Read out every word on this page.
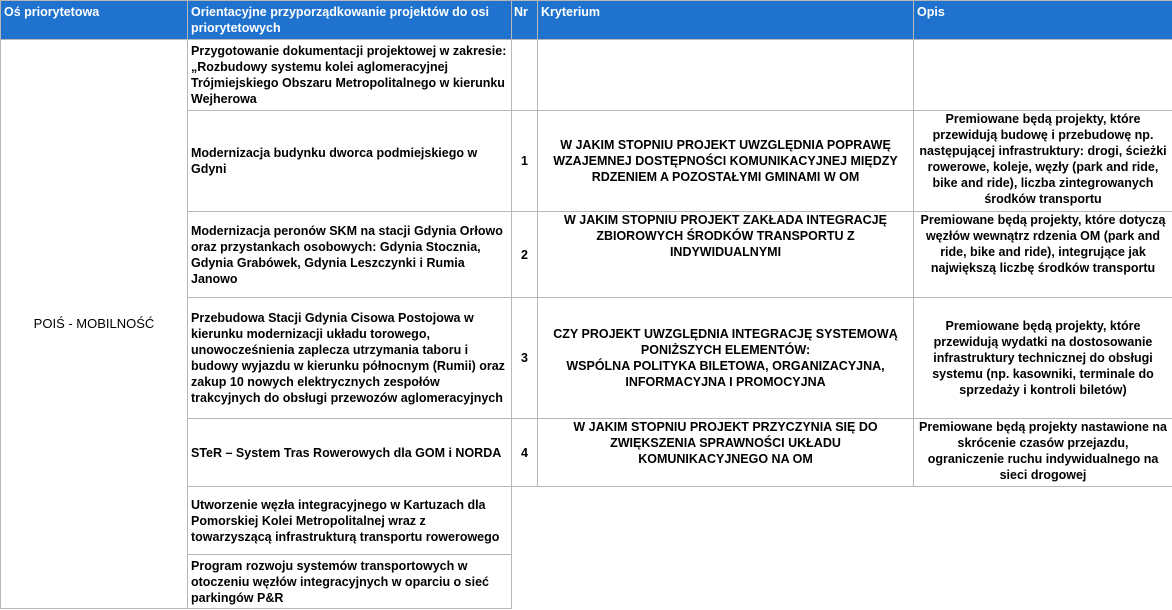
Oś priorytetowa	Orientacyjne przyporządkowanie projektów do osi priorytetowych	Nr	Kryterium	Opis
POIŚ - MOBILNOŚĆ	Przygotowanie dokumentacji projektowej w zakresie: „Rozbudowy systemu kolei aglomeracyjnej Trójmiejskiego Obszaru Metropolitalnego w kierunku Wejherowa			
	Modernizacja budynku dworca podmiejskiego w Gdyni	1	W JAKIM STOPNIU PROJEKT UWZGLĘDNIA POPRAWĘ WZAJEMNEJ DOSTĘPNOŚCI KOMUNIKACYJNEJ MIĘDZY RDZENIEM A POZOSTAŁYMI GMINAMI W OM	Premiowane będą projekty, które przewidują budowę i przebudowę np. następującej infrastruktury: drogi, ścieżki rowerowe, koleje, węzły (park and ride, bike and ride), liczba zintegrowanych środków transportu
	Modernizacja peronów SKM na stacji Gdynia Orłowo oraz przystankach osobowych: Gdynia Stocznia, Gdynia Grabówek, Gdynia Leszczynki i Rumia Janowo	2	W JAKIM STOPNIU PROJEKT ZAKŁADA INTEGRACJĘ ZBIOROWYCH ŚRODKÓW TRANSPORTU Z INDYWIDUALNYMI	Premiowane będą projekty, które dotyczą węzłów wewnątrz rdzenia OM (park and ride, bike and ride), integrujące jak największą liczbę środków transportu
	Przebudowa Stacji Gdynia Cisowa Postojowa w kierunku modernizacji układu torowego, unowocześnienia zaplecza utrzymania taboru i budowy wyjazdu w kierunku północnym (Rumii) oraz zakup 10 nowych elektrycznych zespołów trakcyjnych do obsługi przewozów aglomeracyjnych	3	CZY PROJEKT UWZGLĘDNIA INTEGRACJĘ SYSTEMOWĄ PONIŻSZYCH ELEMENTÓW:
WSPÓLNA POLITYKA BILETOWA, ORGANIZACYJNA, INFORMACYJNA I PROMOCYJNA	Premiowane będą projekty, które przewidują wydatki na dostosowanie infrastruktury technicznej do obsługi systemu (np. kasowniki, terminale do sprzedaży i kontroli biletów)
	STeR – System Tras Rowerowych dla GOM i NORDA	4	W JAKIM STOPNIU PROJEKT PRZYCZYNIA SIĘ DO ZWIĘKSZENIA SPRAWNOŚCI UKŁADU KOMUNIKACYJNEGO NA OM	Premiowane będą projekty nastawione na skrócenie czasów przejazdu, ograniczenie ruchu indywidualnego na sieci drogowej
	Utworzenie węzła integracyjnego w Kartuzach dla Pomorskiej Kolei Metropolitalnej wraz z towarzyszącą infrastrukturą transportu rowerowego			
	Program rozwoju systemów transportowych w otoczeniu węzłów integracyjnych w oparciu o sieć parkingów P&R			
